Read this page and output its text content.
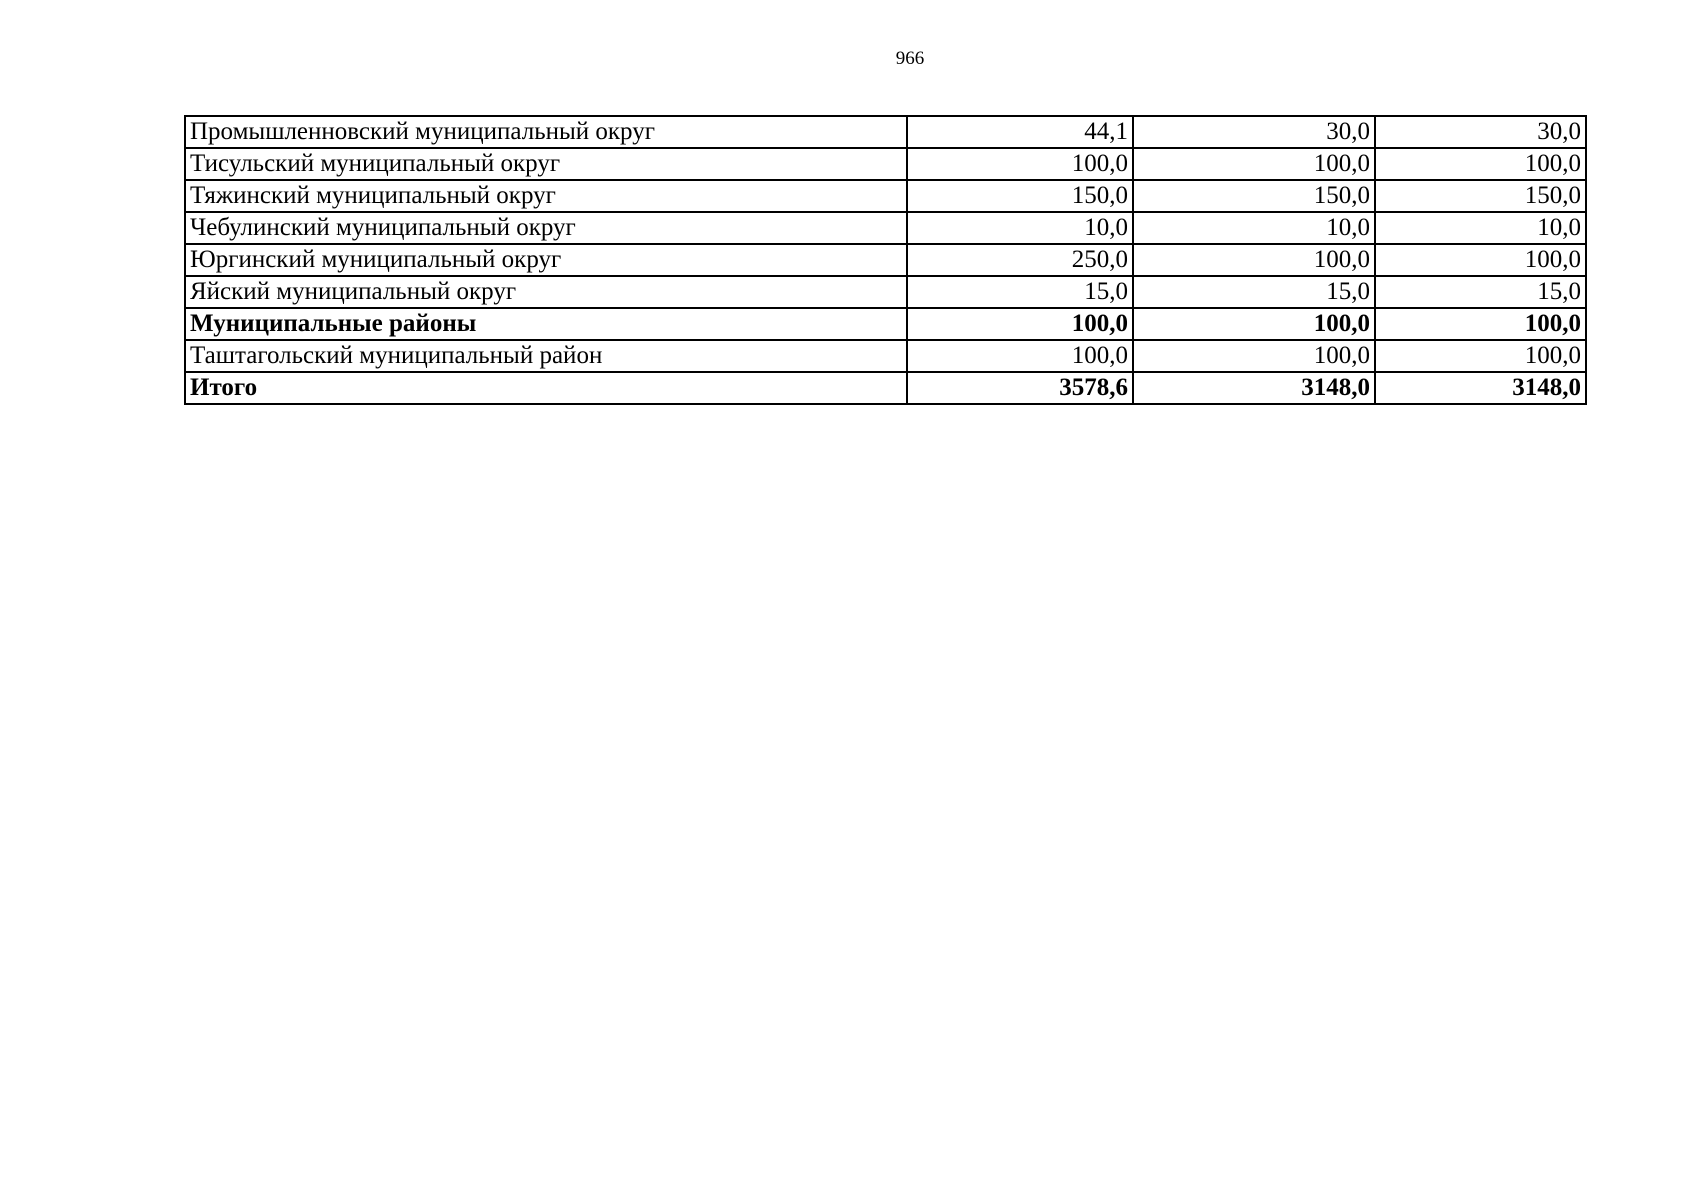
966
Промышленновский муниципальный округ	44,1	30,0	30,0
Тисульский муниципальный округ	100,0	100,0	100,0
Тяжинский муниципальный округ	150,0	150,0	150,0
Чебулинский муниципальный округ	10,0	10,0	10,0
Юргинский муниципальный округ	250,0	100,0	100,0
Яйский муниципальный округ	15,0	15,0	15,0
Муниципальные районы	100,0	100,0	100,0
Таштагольский муниципальный район	100,0	100,0	100,0
Итого	3578,6	3148,0	3148,0
